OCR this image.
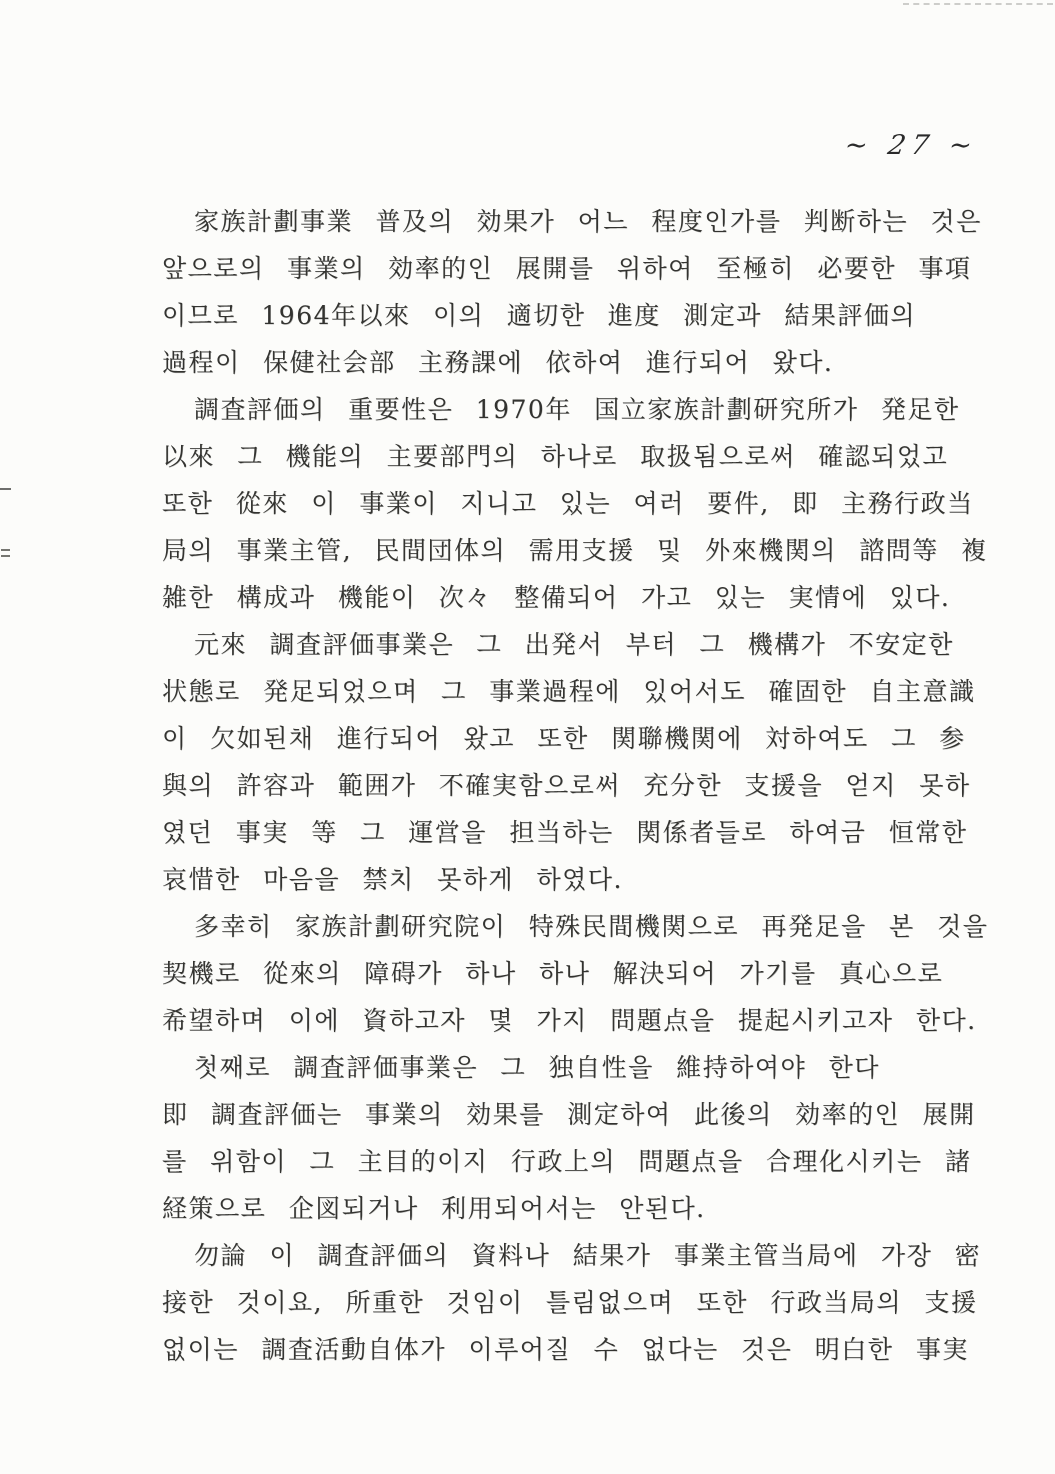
~ 27 ~

家族計劃事業 普及의 効果가 어느 程度인가를 判断하는 것은
앞으로의 事業의 効率的인 展開를 위하여 至極히 必要한 事項
이므로 1964年以來 이의 適切한 進度 測定과 結果評価의
過程이 保健社会部 主務課에 依하여 進行되어 왔다.

調査評価의 重要性은 1970年 国立家族計劃研究所가 発足한
以來 그 機能의 主要部門의 하나로 取扱됨으로써 確認되었고
또한 從來 이 事業이 지니고 있는 여러 要件, 即 主務行政当
局의 事業主管, 民間団体의 需用支援 및 外來機関의 諮問等 複
雑한 構成과 機能이 次々 整備되어 가고 있는 実情에 있다.

元來 調査評価事業은 그 出発서 부터 그 機構가 不安定한
状態로 発足되었으며 그 事業過程에 있어서도 確固한 自主意識
이 欠如된채 進行되어 왔고 또한 関聯機関에 対하여도 그 参
與의 許容과 範囲가 不確実함으로써 充分한 支援을 얻지 못하
였던 事実 等 그 運営을 担当하는 関係者들로 하여금 恒常한
哀惜한 마음을 禁치 못하게 하였다.

多幸히 家族計劃研究院이 特殊民間機関으로 再発足을 본 것을
契機로 從來의 障碍가 하나 하나 解決되어 가기를 真心으로
希望하며 이에 資하고자 몇 가지 問題点을 提起시키고자 한다.

첫째로 調査評価事業은 그 独自性을 維持하여야 한다

即 調査評価는 事業의 効果를 測定하여 此後의 効率的인 展開
를 위함이 그 主目的이지 行政上의 問題点을 合理化시키는 諸
経策으로 企図되거나 利用되어서는 안된다.

勿論 이 調査評価의 資料나 結果가 事業主管当局에 가장 密
接한 것이요, 所重한 것임이 틀림없으며 또한 行政当局의 支援
없이는 調査活動自体가 이루어질 수 없다는 것은 明白한 事実
